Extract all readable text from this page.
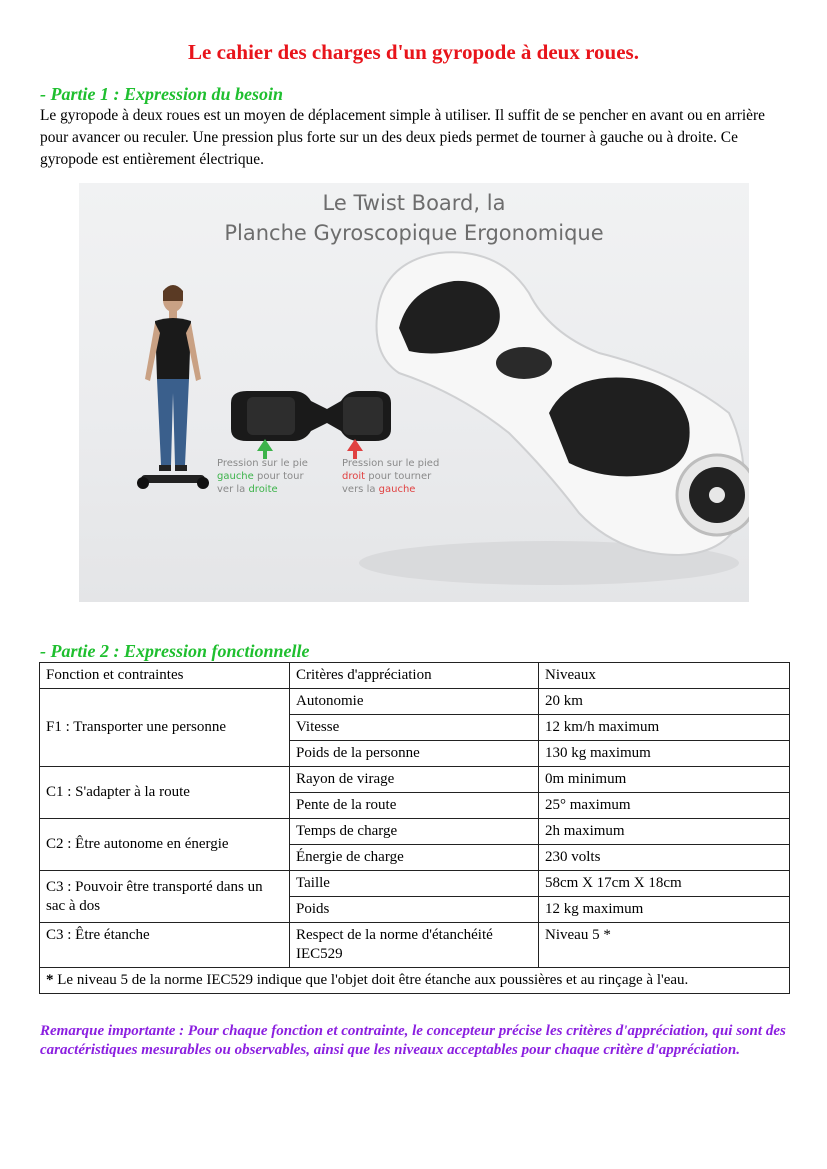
Le cahier des charges d'un gyropode à deux roues.
- Partie 1 : Expression du besoin
Le gyropode à deux roues est un moyen de déplacement simple à utiliser. Il suffit de se pencher en avant ou en arrière pour avancer ou reculer. Une pression plus forte sur un des deux pieds permet de tourner à gauche ou à droite. Ce gyropode est entièrement électrique.
Le Twist Board, la
Planche Gyroscopique Ergonomique
Pression sur le pie
gauche pour tour
ver la droite
Pression sur le pied
droit pour tourner
vers la gauche
- Partie 2 : Expression fonctionnelle
Fonction et contraintes	Critères d'appréciation	Niveaux
F1 : Transporter une personne	Autonomie	20 km
	Vitesse	12 km/h maximum
	Poids de la personne	130 kg maximum
C1 : S'adapter à la route	Rayon de virage	0m minimum
	Pente de la route	25° maximum
C2 : Être autonome en énergie	Temps de charge	2h maximum
	Énergie de charge	230 volts
C3 : Pouvoir être transporté dans un sac à dos	Taille	58cm X 17cm X 18cm
	Poids	12 kg maximum
C3 : Être étanche	Respect de la norme d'étanchéité IEC529	Niveau 5 *
* Le niveau 5 de la norme IEC529 indique que l'objet doit être étanche aux poussières et au rinçage à l'eau.		
Remarque importante : Pour chaque fonction et contrainte, le concepteur précise les critères d'appréciation, qui sont des caractéristiques mesurables ou observables, ainsi que les niveaux acceptables pour chaque critère d'appréciation.
